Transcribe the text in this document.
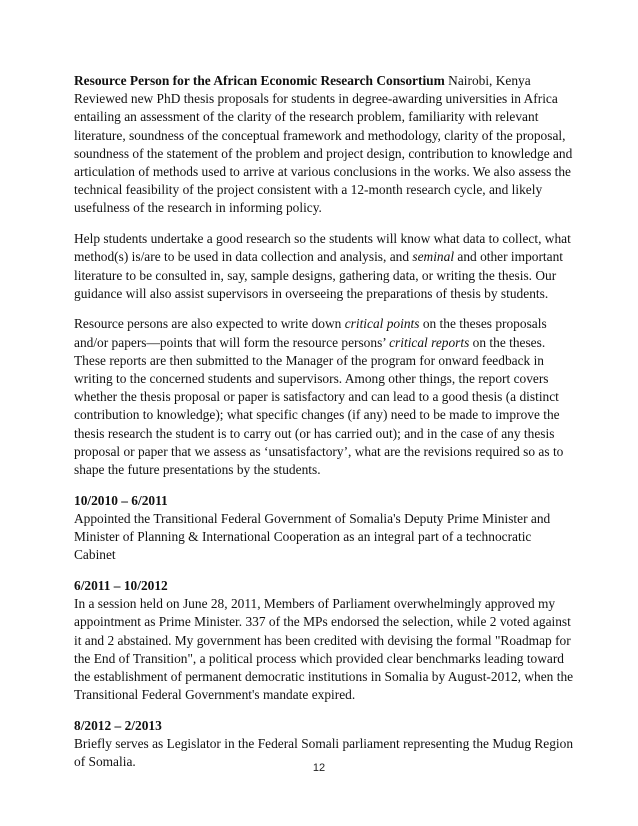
Resource Person for the African Economic Research Consortium Nairobi, Kenya Reviewed new PhD thesis proposals for students in degree-awarding universities in Africa entailing an assessment of the clarity of the research problem, familiarity with relevant literature, soundness of the conceptual framework and methodology, clarity of the proposal, soundness of the statement of the problem and project design, contribution to knowledge and articulation of methods used to arrive at various conclusions in the works. We also assess the technical feasibility of the project consistent with a 12-month research cycle, and likely usefulness of the research in informing policy.

Help students undertake a good research so the students will know what data to collect, what method(s) is/are to be used in data collection and analysis, and seminal and other important literature to be consulted in, say, sample designs, gathering data, or writing the thesis. Our guidance will also assist supervisors in overseeing the preparations of thesis by students.

Resource persons are also expected to write down critical points on the theses proposals and/or papers—points that will form the resource persons’ critical reports on the theses. These reports are then submitted to the Manager of the program for onward feedback in writing to the concerned students and supervisors. Among other things, the report covers whether the thesis proposal or paper is satisfactory and can lead to a good thesis (a distinct contribution to knowledge); what specific changes (if any) need to be made to improve the thesis research the student is to carry out (or has carried out); and in the case of any thesis proposal or paper that we assess as ‘unsatisfactory’, what are the revisions required so as to shape the future presentations by the students.

10/2010 – 6/2011
Appointed the Transitional Federal Government of Somalia's Deputy Prime Minister and Minister of Planning & International Cooperation as an integral part of a technocratic Cabinet
6/2011 – 10/2012
In a session held on June 28, 2011, Members of Parliament overwhelmingly approved my appointment as Prime Minister. 337 of the MPs endorsed the selection, while 2 voted against it and 2 abstained. My government has been credited with devising the formal "Roadmap for the End of Transition", a political process which provided clear benchmarks leading toward the establishment of permanent democratic institutions in Somalia by August-2012, when the Transitional Federal Government's mandate expired.
8/2012 – 2/2013
Briefly serves as Legislator in the Federal Somali parliament representing the Mudug Region of Somalia.	12
